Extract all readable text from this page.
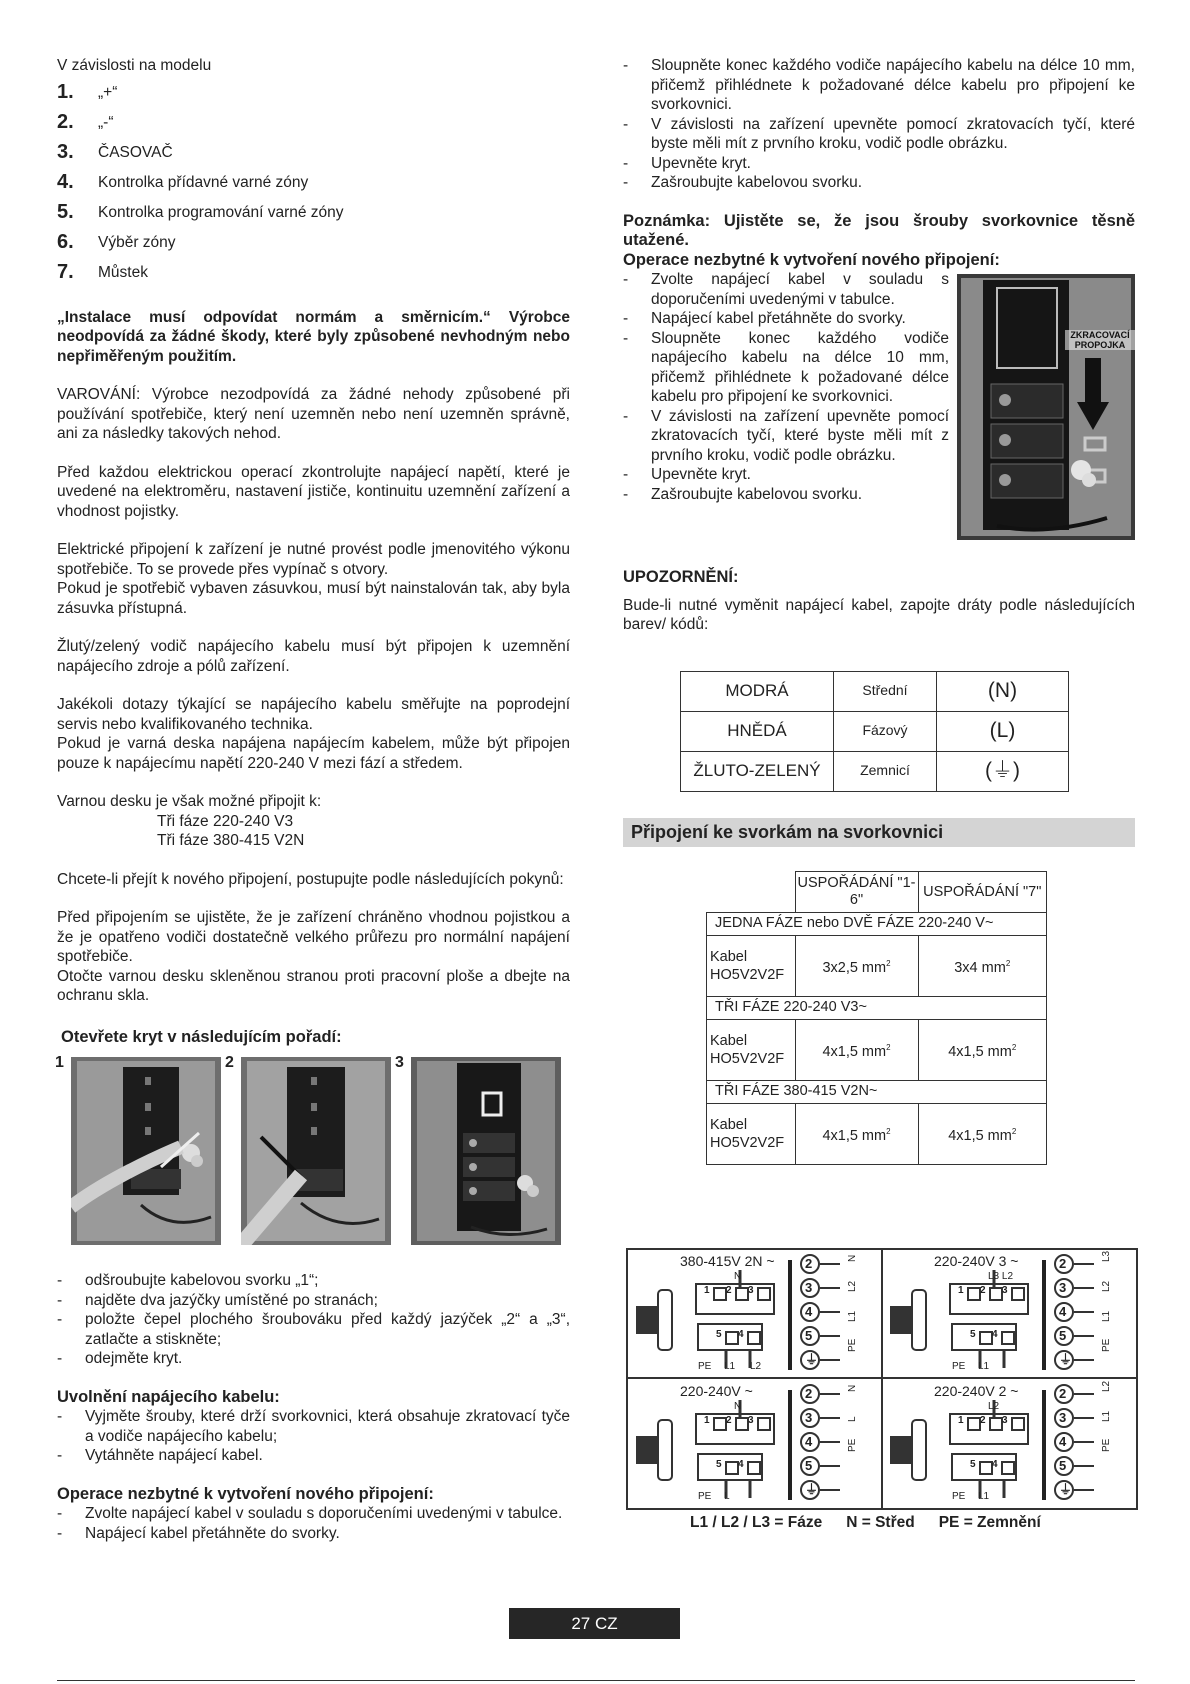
V závislosti na modelu

1.	„+“
2.	„-“
3.	ČASOVAČ
4.	Kontrolka přídavné varné zóny
5.	Kontrolka programování varné zóny
6.	Výběr zóny
7.	Můstek

„Instalace musí odpovídat normám a směrnicím.“ Výrobce neodpovídá za žádné škody, které byly způsobené nevhodným nebo nepřiměřeným použitím.

VAROVÁNÍ: Výrobce nezodpovídá za žádné nehody způsobené při používání spotřebiče, který není uzemněn nebo není uzemněn správně, ani za následky takových nehod.

Před každou elektrickou operací zkontrolujte napájecí napětí, které je uvedené na elektroměru, nastavení jističe, kontinuitu uzemnění zařízení a vhodnost pojistky.

Elektrické připojení k zařízení je nutné provést podle jmenovitého výkonu spotřebiče. To se provede přes vypínač s otvory.

Pokud je spotřebič vybaven zásuvkou, musí být nainstalován tak, aby byla zásuvka přístupná.

Žlutý/zelený vodič napájecího kabelu musí být připojen k uzemnění napájecího zdroje a pólů zařízení.

Jakékoli dotazy týkající se napájecího kabelu směřujte na poprodejní servis nebo kvalifikovaného technika.

Pokud je varná deska napájena napájecím kabelem, může být připojen pouze k napájecímu napětí 220-240 V mezi fází a středem.

Varnou desku je však možné připojit k:

Tři fáze 220-240 V3

Tři fáze 380-415 V2N

Chcete-li přejít k nového připojení, postupujte podle následujících pokynů:

Před připojením se ujistěte, že je zařízení chráněno vhodnou pojistkou a že je opatřeno vodiči dostatečně velkého průřezu pro normální napájení spotřebiče.

Otočte varnou desku skleněnou stranou proti pracovní ploše a dbejte na ochranu skla.

Otevřete kryt v následujícím pořadí:

1	2	3
-	odšroubujte kabelovou svorku „1“;
-	najděte dva jazýčky umístěné po stranách;
-	položte čepel plochého šroubováku před každý jazýček „2“ a „3“, zatlačte a stiskněte;
-	odejměte kryt.

Uvolnění napájecího kabelu:

-	Vyjměte šrouby, které drží svorkovnici, která obsahuje zkratovací tyče a vodiče napájecího kabelu;
-	Vytáhněte napájecí kabel.

Operace nezbytné k vytvoření nového připojení:

-	Zvolte napájecí kabel v souladu s doporučeními uvedenými v tabulce.
-	Napájecí kabel přetáhněte do svorky.
-	Sloupněte konec každého vodiče napájecího kabelu na délce 10 mm, přičemž přihlédnete k požadované délce kabelu pro připojení ke svorkovnici.
-	V závislosti na zařízení upevněte pomocí zkratovacích tyčí, které byste měli mít z prvního kroku, vodič podle obrázku.
-	Upevněte kryt.
-	Zašroubujte kabelovou svorku.

Poznámka: Ujistěte se, že jsou šrouby svorkovnice těsně utažené.

Operace nezbytné k vytvoření nového připojení:

-	Zvolte napájecí kabel v souladu s doporučeními uvedenými v tabulce.
-	Napájecí kabel přetáhněte do svorky.
-	Sloupněte konec každého vodiče napájecího kabelu na délce 10 mm, přičemž přihlédnete k požadované délce kabelu pro připojení ke svorkovnici.
-	V závislosti na zařízení upevněte pomocí zkratovacích tyčí, které byste měli mít z prvního kroku, vodič podle obrázku.
-	Upevněte kryt.
-	Zašroubujte kabelovou svorku.
ZKRACOVACÍ PROPOJKA

UPOZORNĚNÍ:

Bude-li nutné vyměnit napájecí kabel, zapojte dráty podle následujících barev/ kódů:

MODRÁ	Střední	(N)
HNĚDÁ	Fázový	(L)
ŽLUTO-ZELENÝ	Zemnicí	(⏚)
Připojení ke svorkám na svorkovnici
	USPOŘÁDÁNÍ "1-6"	USPOŘÁDÁNÍ "7"
JEDNA FÁZE nebo DVĚ FÁZE 220-240 V~		
Kabel HO5V2V2F	3x2,5 $mm^2$	3x4 $mm^2$
TŘI FÁZE 220-240 V3~		
Kabel HO5V2V2F	4x1,5 $mm^2$	4x1,5 $mm^2$
TŘI FÁZE 380-415 V2N~		
Kabel HO5V2V2F	4x1,5 $mm^2$	4x1,5 $mm^2$
380-415V 2N ~
1 2 3
5 4
2
3
4
5
⏚
N
L2
L1
PE
PE L1 L2
N
220-240V 3 ~
1 2 3
5 4
2
3
4
5
⏚
L3
L2
L1
PE
PE L1
L3 L2
220-240V ~
1 2 3
5 4
2
3
4
5
⏚
N
L
PE
PE L
N
220-240V 2 ~
1 2 3
5 4
2
3
4
5
⏚
L2
L1
PE
PE L1
L2
L1 / L2 / L3 = Fáze N = Střed PE = Zemnění
27 CZ
